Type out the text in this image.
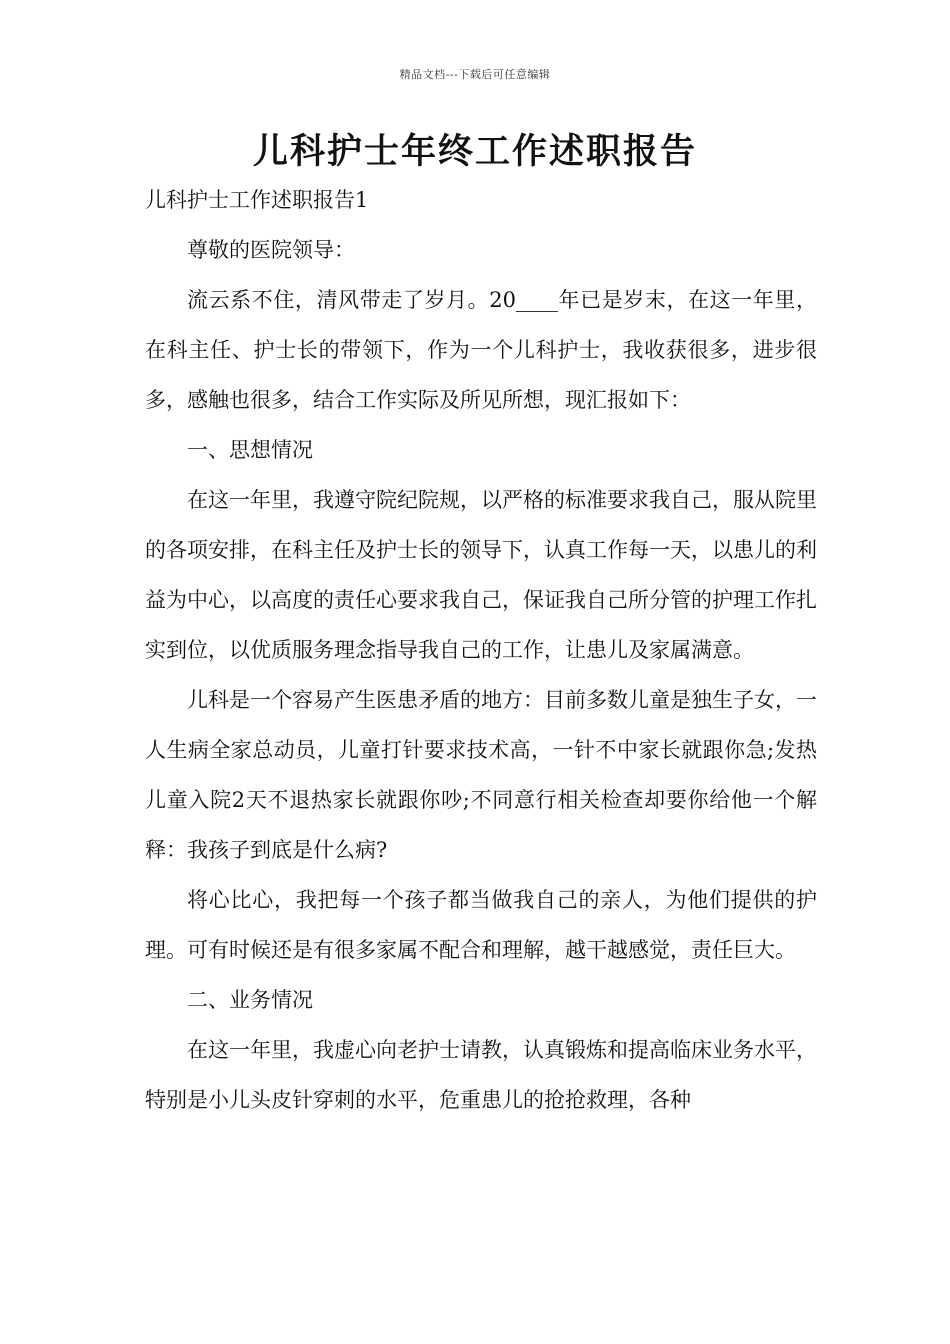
精品文档---下载后可任意编辑
儿科护士年终工作述职报告

儿科护士工作述职报告1

尊敬的医院领导：

流云系不住，清风带走了岁月。20____年已是岁末，在这一年里，在科主任、护士长的带领下，作为一个儿科护士，我收获很多，进步很多，感触也很多，结合工作实际及所见所想，现汇报如下：

一、思想情况

在这一年里，我遵守院纪院规，以严格的标准要求我自己，服从院里的各项安排，在科主任及护士长的领导下，认真工作每一天，以患儿的利益为中心，以高度的责任心要求我自己，保证我自己所分管的护理工作扎实到位，以优质服务理念指导我自己的工作，让患儿及家属满意。

儿科是一个容易产生医患矛盾的地方：目前多数儿童是独生子女，一人生病全家总动员，儿童打针要求技术高，一针不中家长就跟你急;发热儿童入院2天不退热家长就跟你吵;不同意行相关检查却要你给他一个解释：我孩子到底是什么病?

将心比心，我把每一个孩子都当做我自己的亲人，为他们提供的护理。可有时候还是有很多家属不配合和理解，越干越感觉，责任巨大。

二、业务情况

在这一年里，我虚心向老护士请教，认真锻炼和提高临床业务水平，特别是小儿头皮针穿刺的水平，危重患儿的抢抢救理，各种
